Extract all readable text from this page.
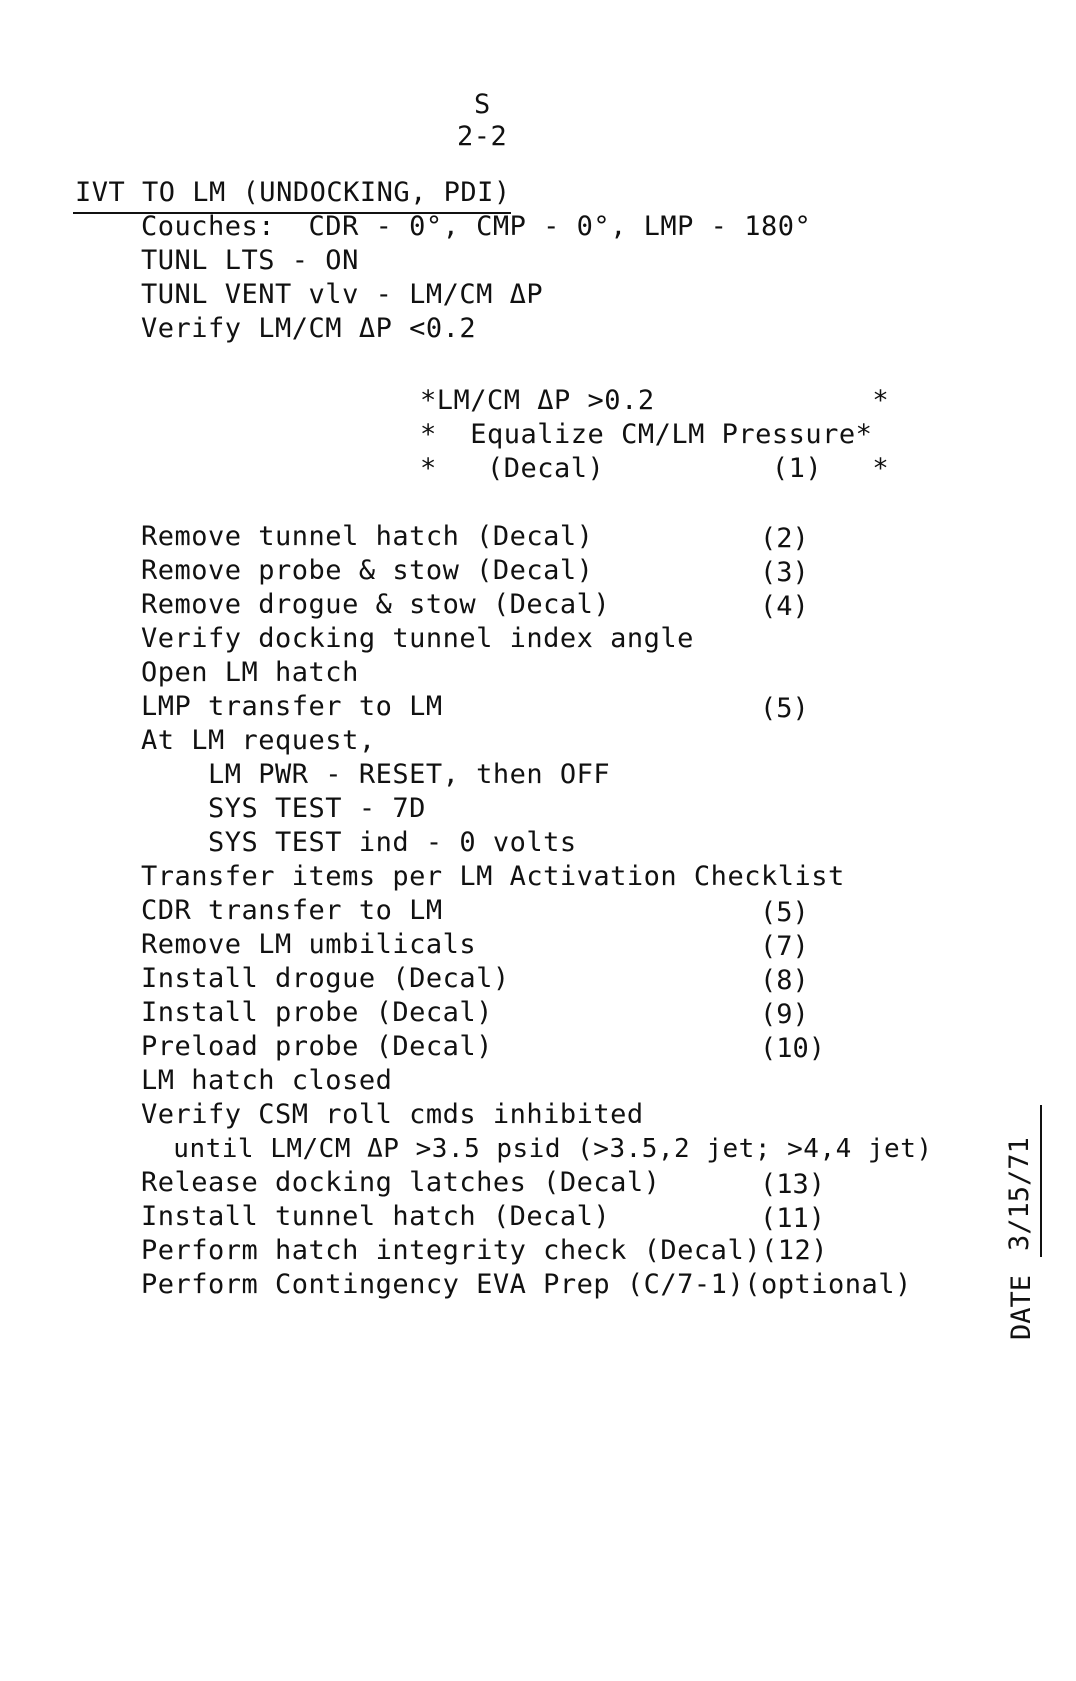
S
2-2
IVT TO LM (UNDOCKING, PDI)
Couches:  CDR - 0°, CMP - 0°, LMP - 180°
TUNL LTS - ON
TUNL VENT vlv - LM/CM ΔP
Verify LM/CM ΔP <0.2
*LM/CM ΔP >0.2             *
*  Equalize CM/LM Pressure*
*   (Decal)          (1)   *
Remove tunnel hatch (Decal)	(2)
Remove probe & stow (Decal)	(3)
Remove drogue & stow (Decal)	(4)
Verify docking tunnel index angle
Open LM hatch
LMP transfer to LM	(5)
At LM request,
LM PWR - RESET, then OFF
SYS TEST - 7D
SYS TEST ind - 0 volts
Transfer items per LM Activation Checklist
CDR transfer to LM	(5)
Remove LM umbilicals	(7)
Install drogue (Decal)	(8)
Install probe (Decal)	(9)
Preload probe (Decal)	(10)
LM hatch closed
Verify CSM roll cmds inhibited
until LM/CM ΔP >3.5 psid (>3.5,2 jet; >4,4 jet)
Release docking latches (Decal)	(13)
Install tunnel hatch (Decal)	(11)
Perform hatch integrity check (Decal)(12)
Perform Contingency EVA Prep (C/7-1)(optional)	DATE
3/15/71
